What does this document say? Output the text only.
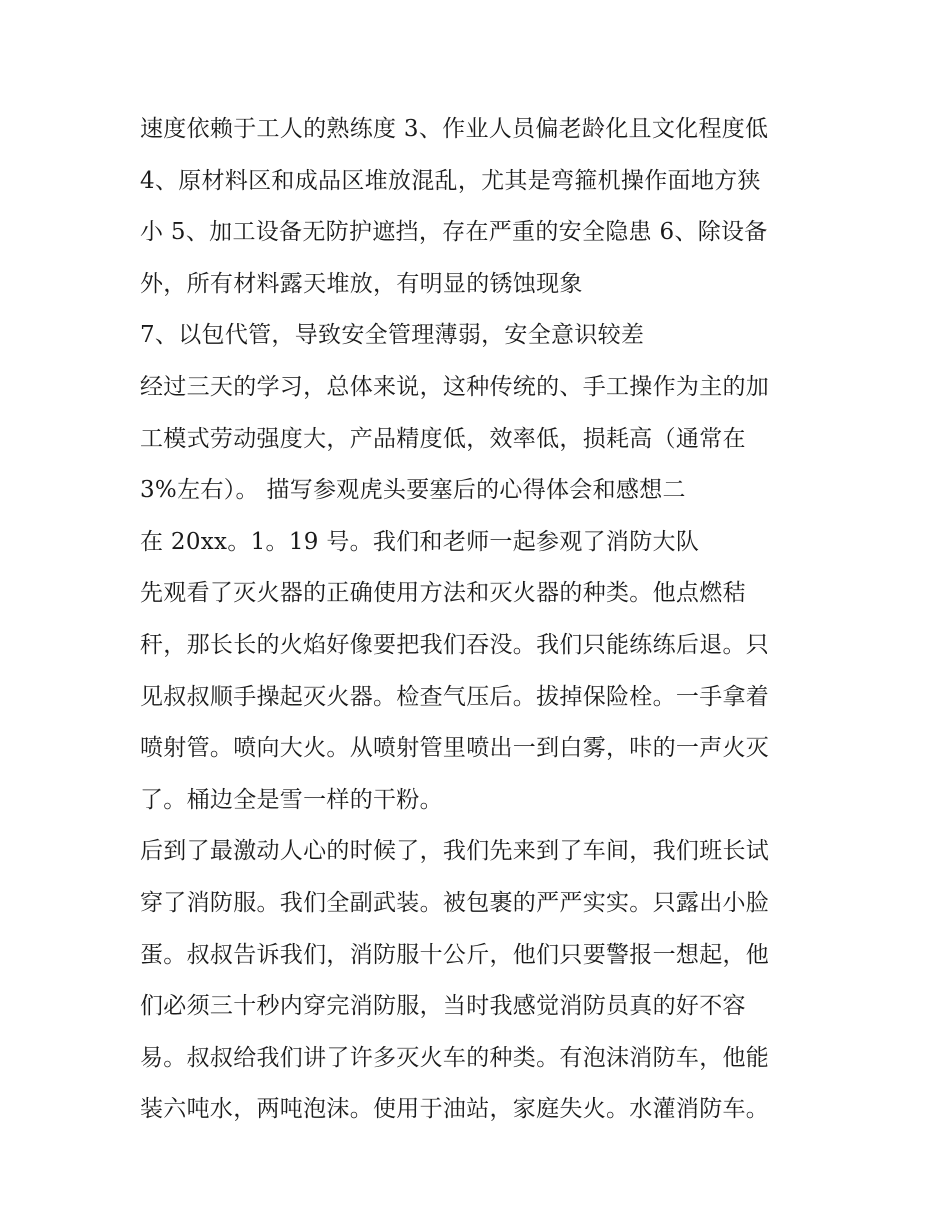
速度依赖于工人的熟练度 3、作业人员偏老龄化且文化程度低
4、原材料区和成品区堆放混乱，尤其是弯箍机操作面地方狭
小 5、加工设备无防护遮挡，存在严重的安全隐患 6、除设备
外，所有材料露天堆放，有明显的锈蚀现象
7、以包代管，导致安全管理薄弱，安全意识较差
经过三天的学习，总体来说，这种传统的、手工操作为主的加
工模式劳动强度大，产品精度低，效率低，损耗高（通常在
3%左右）。 描写参观虎头要塞后的心得体会和感想二
在 20xx。1。19 号。我们和老师一起参观了消防大队
先观看了灭火器的正确使用方法和灭火器的种类。他点燃秸
秆，那长长的火焰好像要把我们吞没。我们只能练练后退。只
见叔叔顺手操起灭火器。检查气压后。拔掉保险栓。一手拿着
喷射管。喷向大火。从喷射管里喷出一到白雾，咔的一声火灭
了。桶边全是雪一样的干粉。
后到了最激动人心的时候了，我们先来到了车间，我们班长试
穿了消防服。我们全副武装。被包裹的严严实实。只露出小脸
蛋。叔叔告诉我们，消防服十公斤，他们只要警报一想起，他
们必须三十秒内穿完消防服，当时我感觉消防员真的好不容
易。叔叔给我们讲了许多灭火车的种类。有泡沫消防车，他能
装六吨水，两吨泡沫。使用于油站，家庭失火。水灌消防车。
